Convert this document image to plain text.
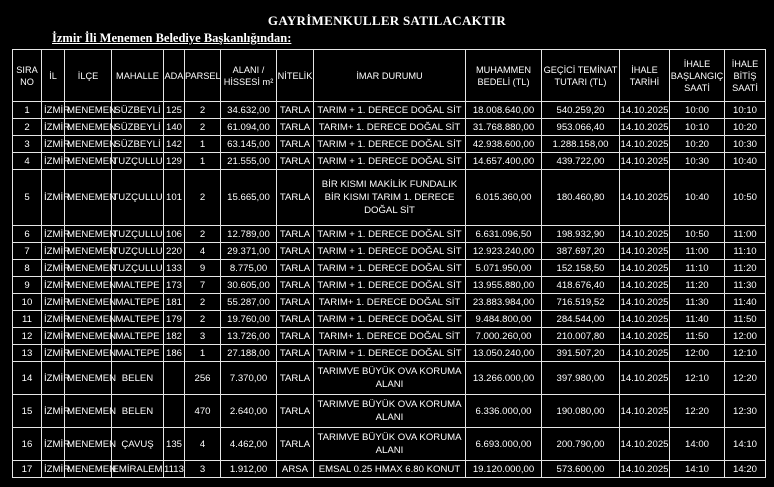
GAYRİMENKULLER SATILACAKTIR
İzmir İli Menemen Belediye Başkanlığından:
SIRA NO	İL	İLÇE	MAHALLE	ADA	PARSEL	ALANI / HİSSESİ m²	NİTELİK	İMAR DURUMU	MUHAMMEN BEDELİ (TL)	GEÇİCİ TEMİNAT TUTARI (TL)	İHALE TARİHİ	İHALE BAŞLANGIÇ SAATİ	İHALE BİTİŞ SAATİ
1	İZMİR	MENEMEN	SÜZBEYLİ	125	2	34.632,00	TARLA	TARIM + 1. DERECE DOĞAL SİT	18.008.640,00	540.259,20	14.10.2025	10:00	10:10
2	İZMİR	MENEMEN	SÜZBEYLİ	140	2	61.094,00	TARLA	TARIM+ 1. DERECE DOĞAL SİT	31.768.880,00	953.066,40	14.10.2025	10:10	10:20
3	İZMİR	MENEMEN	SÜZBEYLİ	142	1	63.145,00	TARLA	TARIM + 1. DERECE DOĞAL SİT	42.938.600,00	1.288.158,00	14.10.2025	10:20	10:30
4	İZMİR	MENEMEN	TUZÇULLU	129	1	21.555,00	TARLA	TARIM + 1. DERECE DOĞAL SİT	14.657.400,00	439.722,00	14.10.2025	10:30	10:40
5	İZMİR	MENEMEN	TUZÇULLU	101	2	15.665,00	TARLA	BİR KISMI MAKİLİK FUNDALIK BİR KISMI TARIM 1. DERECE DOĞAL SİT	6.015.360,00	180.460,80	14.10.2025	10:40	10:50
6	İZMİR	MENEMEN	TUZÇULLU	106	2	12.789,00	TARLA	TARIM + 1. DERECE DOĞAL SİT	6.631.096,50	198.932,90	14.10.2025	10:50	11:00
7	İZMİR	MENEMEN	TUZÇULLU	220	4	29.371,00	TARLA	TARIM + 1. DERECE DOĞAL SİT	12.923.240,00	387.697,20	14.10.2025	11:00	11:10
8	İZMİR	MENEMEN	TUZÇULLU	133	9	8.775,00	TARLA	TARIM + 1. DERECE DOĞAL SİT	5.071.950,00	152.158,50	14.10.2025	11:10	11:20
9	İZMİR	MENEMEN	MALTEPE	173	7	30.605,00	TARLA	TARIM + 1. DERECE DOĞAL SİT	13.955.880,00	418.676,40	14.10.2025	11:20	11:30
10	İZMİR	MENEMEN	MALTEPE	181	2	55.287,00	TARLA	TARIM+ 1. DERECE DOĞAL SİT	23.883.984,00	716.519,52	14.10.2025	11:30	11:40
11	İZMİR	MENEMEN	MALTEPE	179	2	19.760,00	TARLA	TARIM + 1. DERECE DOĞAL SİT	9.484.800,00	284.544,00	14.10.2025	11:40	11:50
12	İZMİR	MENEMEN	MALTEPE	182	3	13.726,00	TARLA	TARIM+ 1. DERECE DOĞAL SİT	7.000.260,00	210.007,80	14.10.2025	11:50	12:00
13	İZMİR	MENEMEN	MALTEPE	186	1	27.188,00	TARLA	TARIM + 1. DERECE DOĞAL SİT	13.050.240,00	391.507,20	14.10.2025	12:00	12:10
14	İZMİR	MENEMEN	BELEN		256	7.370,00	TARLA	TARIMVE BÜYÜK OVA KORUMA ALANI	13.266.000,00	397.980,00	14.10.2025	12:10	12:20
15	İZMİR	MENEMEN	BELEN		470	2.640,00	TARLA	TARIMVE BÜYÜK OVA KORUMA ALANI	6.336.000,00	190.080,00	14.10.2025	12:20	12:30
16	İZMİR	MENEMEN	ÇAVUŞ	135	4	4.462,00	TARLA	TARIMVE BÜYÜK OVA KORUMA ALANI	6.693.000,00	200.790,00	14.10.2025	14:00	14:10
17	İZMİR	MENEMEN	EMİRALEM	1113	3	1.912,00	ARSA	EMSAL 0.25 HMAX 6.80 KONUT	19.120.000,00	573.600,00	14.10.2025	14:10	14:20
